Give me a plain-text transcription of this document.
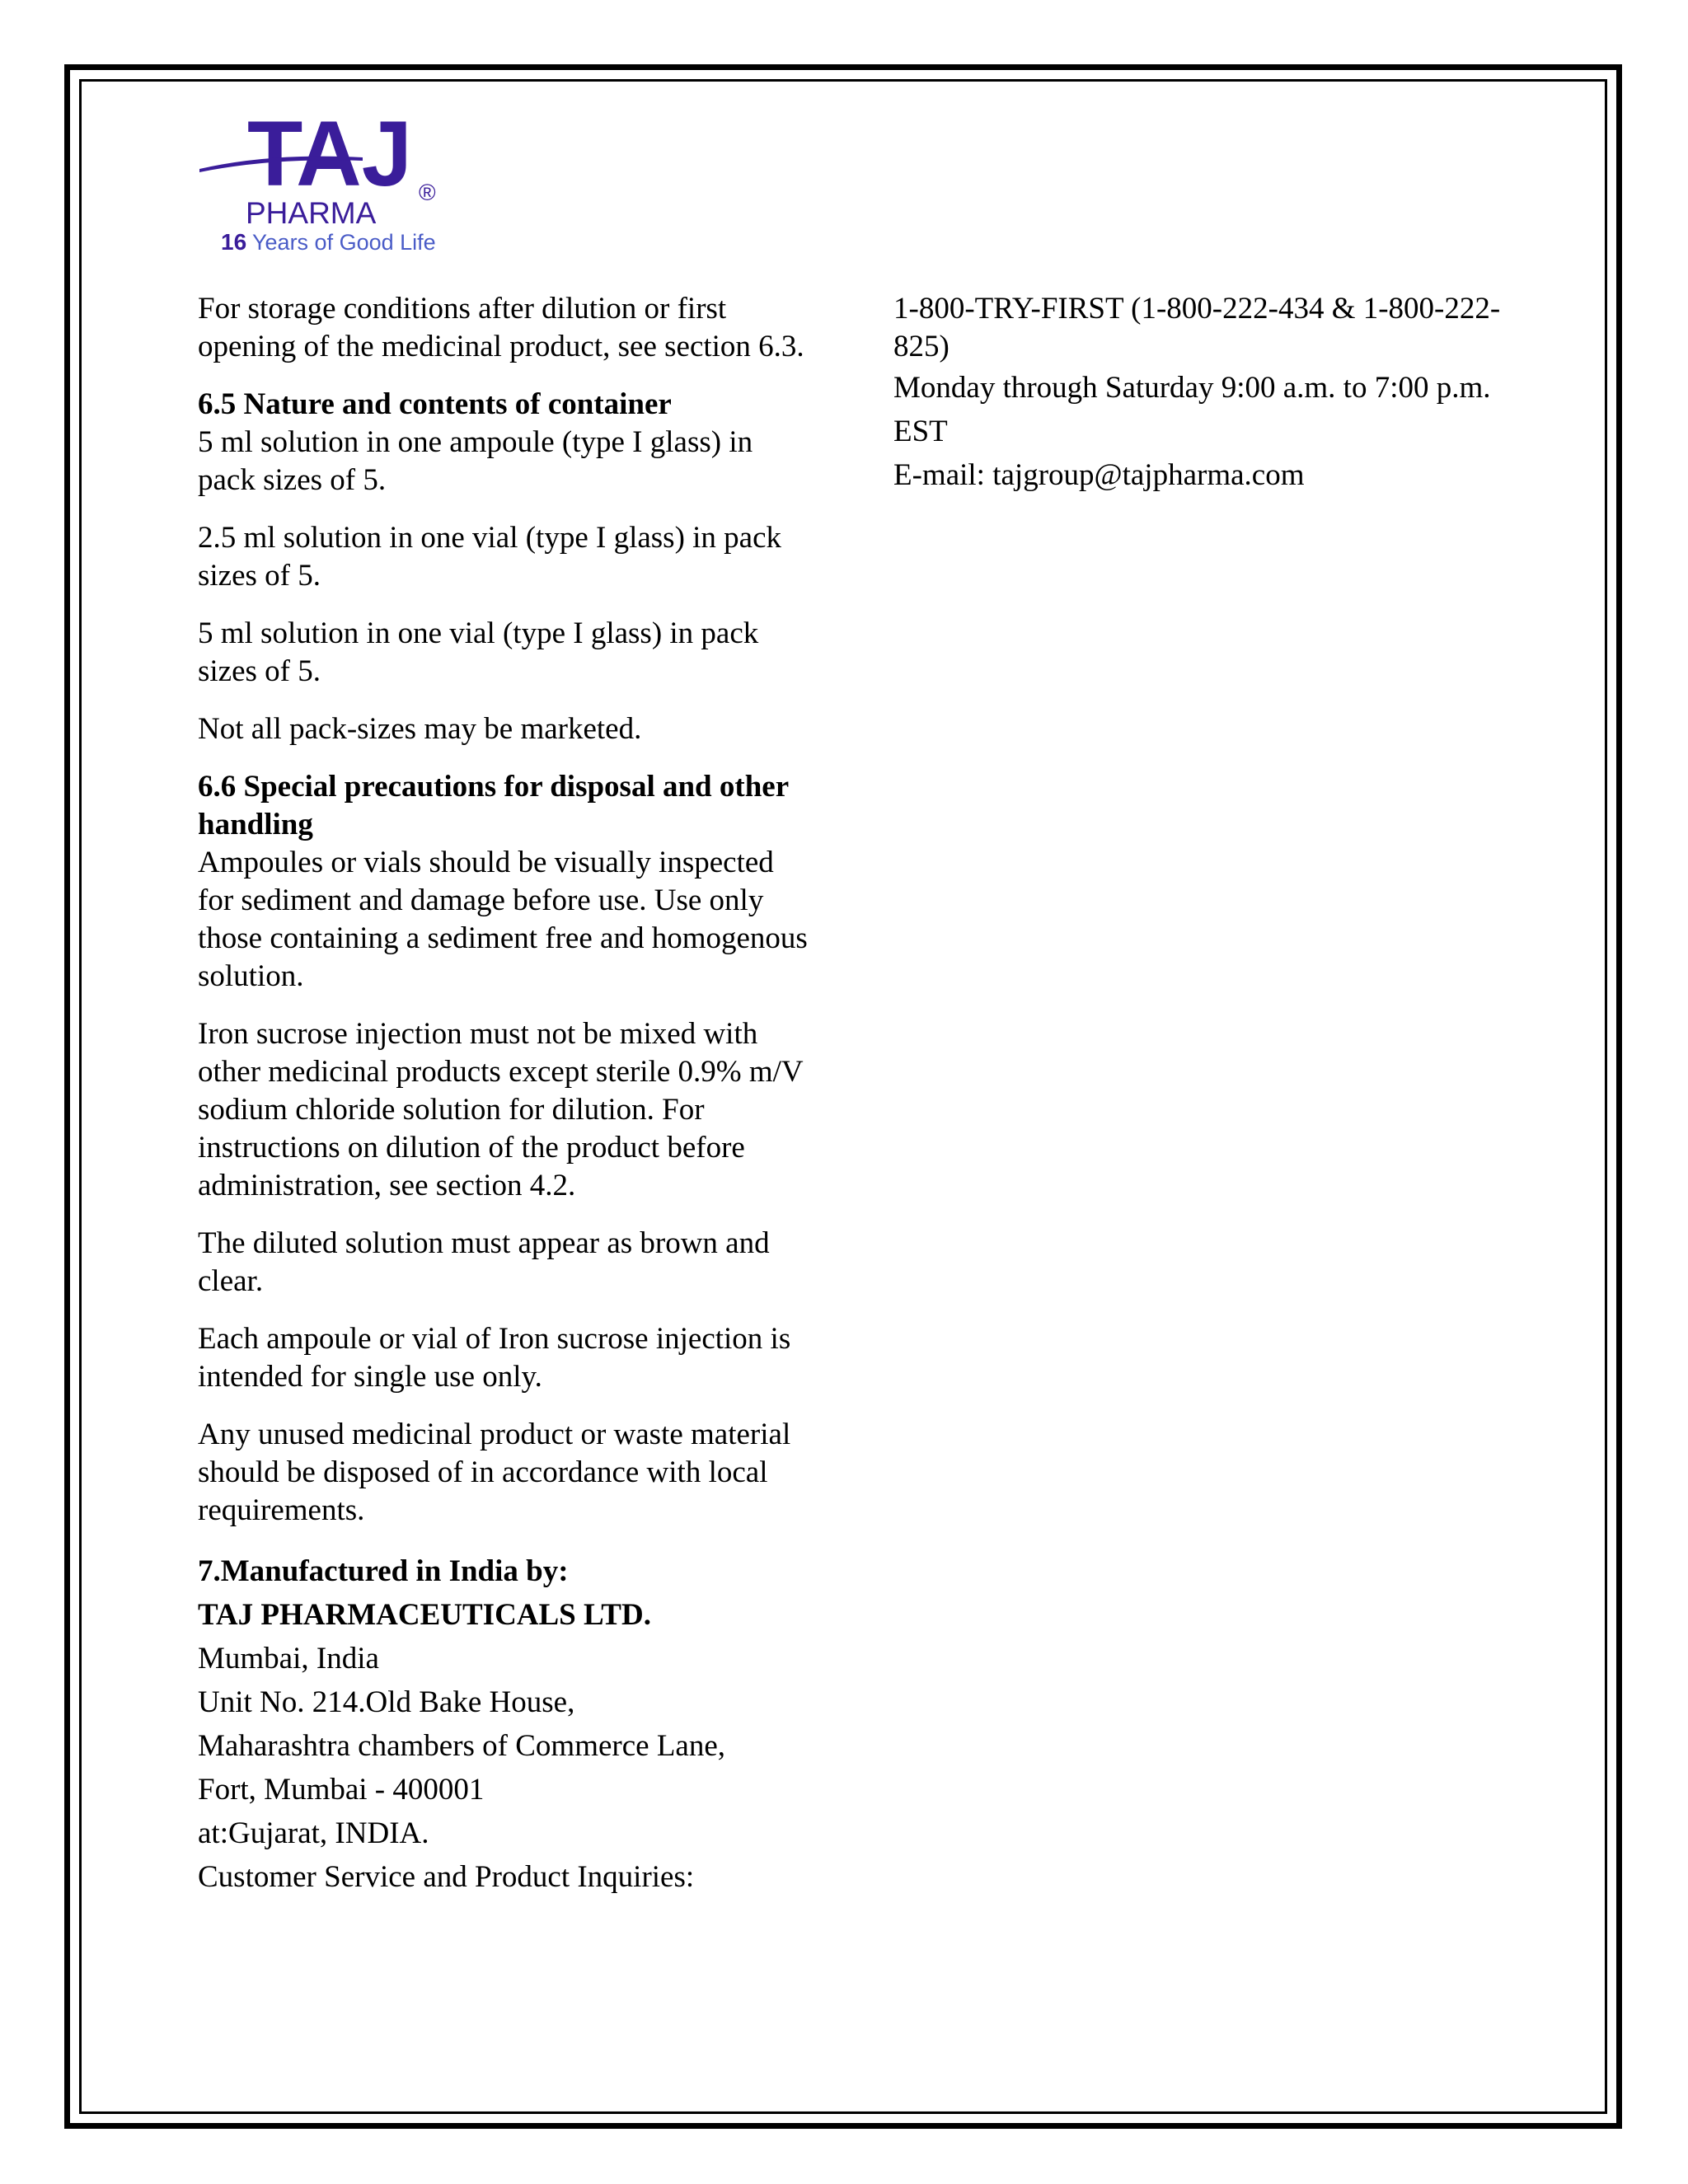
TAJ
PHARMA
®
16 Years of Good Life

For storage conditions after dilution or first opening of the medicinal product, see section 6.3.

6.5 Nature and contents of container

5 ml solution in one ampoule (type I glass) in pack sizes of 5.

2.5 ml solution in one vial (type I glass) in pack sizes of 5.

5 ml solution in one vial (type I glass) in pack sizes of 5.

Not all pack-sizes may be marketed.

6.6 Special precautions for disposal and other handling

Ampoules or vials should be visually inspected for sediment and damage before use. Use only those containing a sediment free and homogenous solution.

Iron sucrose injection must not be mixed with other medicinal products except sterile 0.9% m/V sodium chloride solution for dilution. For instructions on dilution of the product before administration, see section 4.2.

The diluted solution must appear as brown and clear.

Each ampoule or vial of Iron sucrose injection is intended for single use only.

Any unused medicinal product or waste material should be disposed of in accordance with local requirements.

7.Manufactured in India by:
TAJ PHARMACEUTICALS LTD.
Mumbai, India
Unit No. 214.Old Bake House,
Maharashtra chambers of Commerce Lane,
Fort, Mumbai - 400001
at:Gujarat, INDIA.
Customer Service and Product Inquiries:
1-800-TRY-FIRST (1-800-222-434 & 1-800-222-825)
Monday through Saturday 9:00 a.m. to 7:00 p.m. EST
E-mail: tajgroup@tajpharma.com
